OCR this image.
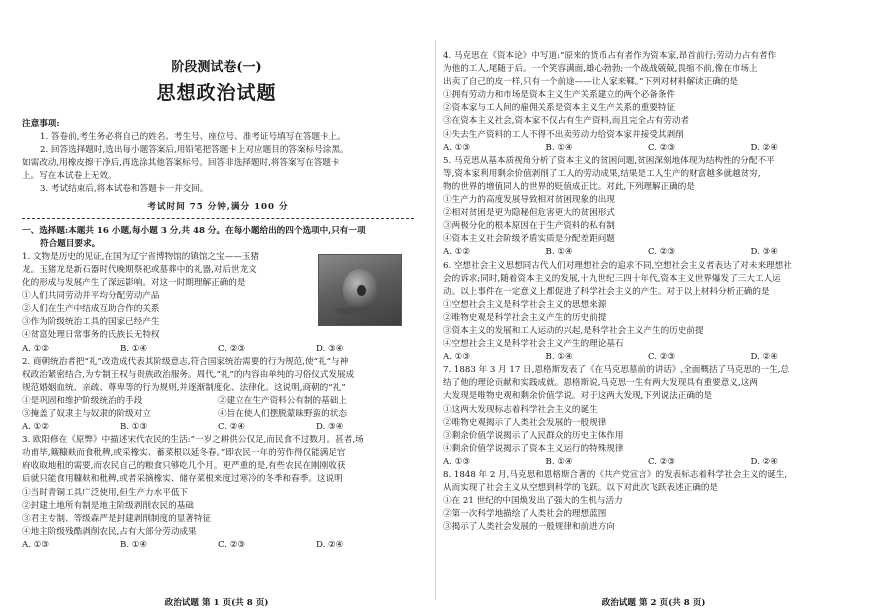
阶段测试卷(一)
思想政治试题

注意事项:

1. 答卷前,考生务必将自己的姓名、考生号、座位号、准考证号填写在答题卡上。

2. 回答选择题时,选出每小题答案后,用铅笔把答题卡上对应题目的答案标号涂黑。

如需改动,用橡皮擦干净后,再选涂其他答案标号。回答非选择题时,将答案写在答题卡

上。写在本试卷上无效。

3. 考试结束后,将本试卷和答题卡一并交回。

考试时间 75 分钟,满分 100 分

一、选择题:本题共 16 小题,每小题 3 分,共 48 分。在每小题给出的四个选项中,只有一项

符合题目要求。

1. 文物是历史的见证,在国为辽宁省博物馆的镇馆之宝——玉猪

龙。玉猪龙是新石器时代晚期祭祀或墓葬中的礼器,对后世龙文

化的形成与发展产生了深远影响。对这一时期理解正确的是

①人们共同劳动并平均分配劳动产品

②人们在生产中结成互助合作的关系

③作为阶级统治工具的国家已经产生

④贫富处理日常事务的氏族长无特权

A. ①②	B. ①④	C. ②③	D. ③④

2. 商朝统治者把“礼”改造成代表其阶级意志,符合国家统治需要的行为规范,使“礼”与神

权政治紧密结合,为专制王权与贵族政治服务。周代,“礼”的内容由单纯的习俗仪式发展成

规范婚姻血统、亲疏、尊卑等的行为规则,并逐渐制度化、法律化。这说明,商朝的“礼”

①是巩固和维护阶级统治的手段	②建立在生产资料公有制的基础上
③掩盖了奴隶主与奴隶的阶级对立	④旨在使人们摆脱蒙昧野蛮的状态
A. ①②	B. ①③	C. ②④	D. ③④

3. 欧阳修在《原弊》中描述宋代农民的生活:“一岁之耕供公仅足,而民食不过数月。甚者,场

功甫毕,簸糠麸而食秕稗,或采橡实、蓄菜根以延冬春。”即农民一年的劳作得仅能满足官

府收取地租的需要,而农民自己的粮食只够吃几个月。更严重的是,有些农民在刚刚收获

后就只能食用糠麸和秕稗,或者采摘橡实、储存菜根来度过寒冷的冬季和春季。这说明

①当时青铜工具广泛使用,但生产力水平低下

②封建土地所有制是地主阶级剥削农民的基础

③君主专制、等级森严是封建剥削制度的显著特征

④地主阶级残酷剥削农民,占有大部分劳动成果

A. ①③	B. ①④	C. ②③	D. ②④
政治试题 第 1 页(共 8 页)

4. 马克思在《资本论》中写道:“原来的货币占有者作为资本家,昂首前行;劳动力占有者作

为他的工人,尾随于后。一个笑容满面,雄心勃勃;一个战战兢兢,畏缩不前,像在市场上

出卖了自己的皮一样,只有一个前途——让人家来鞣。”下列对材料解读正确的是

①拥有劳动力和市场是资本主义生产关系建立的两个必备条件

②资本家与工人间的雇佣关系是资本主义生产关系的重要特征

③在资本主义社会,资本家不仅占有生产资料,而且完全占有劳动者

④失去生产资料的工人不得不出卖劳动力给资本家并接受其剥削

A. ①③	B. ①④	C. ②③	D. ②④

5. 马克思从基本质视角分析了资本主义的贫困问题,贫困深刻地体现为结构性的分配不平

等,资本家利用剩余价值剥削了工人的劳动成果,结果是工人生产的财富越多就越贫穷,

物的世界的增值同人的世界的贬值成正比。对此,下列理解正确的是

①生产力的高度发展导致相对贫困现象的出现

②相对贫困是更为隐秘但危害更大的贫困形式

③两极分化的根本原因在于生产资料的私有制

④资本主义社会阶级矛盾实质是分配差距问题

A. ①②	B. ①④	C. ②③	D. ③④

6. 空想社会主义思想同古代人们对理想社会的追求不同,空想社会主义者表达了对未来理想社

会的诉求;同时,随着资本主义的发展,十九世纪三四十年代,资本主义世界爆发了三大工人运

动。以上事件在一定意义上都促进了科学社会主义的产生。对于以上材料分析正确的是

①空想社会主义是科学社会主义的思想来源

②唯物史观是科学社会主义产生的历史前提

③资本主义的发展和工人运动的兴起,是科学社会主义产生的历史前提

④空想社会主义是科学社会主义产生的理论基石

A. ①③	B. ①④	C. ②③	D. ②④

7. 1883 年 3 月 17 日,恩格斯发表了《在马克思墓前的讲话》,全面概括了马克思的一生,总

结了他的理论贡献和实践成就。恩格斯说,马克思一生有两大发现具有重要意义,这两

大发现是唯物史观和剩余价值学说。对于这两大发现,下列说法正确的是

①这两大发现标志着科学社会主义的诞生

②唯物史观揭示了人类社会发展的一般规律

③剩余价值学说揭示了人民群众的历史主体作用

④剩余价值学说揭示了资本主义运行的特殊规律

A. ①③	B. ①④	C. ②③	D. ②④

8. 1848 年 2 月,马克思和恩格斯合著的《共产党宣言》的发表标志着科学社会主义的诞生,

从而实现了社会主义从空想到科学的飞跃。以下对此次飞跃表述正确的是

①在 21 世纪的中国焕发出了强大的生机与活力

②第一次科学地描绘了人类社会的理想蓝图

③揭示了人类社会发展的一般规律和前进方向

政治试题 第 2 页(共 8 页)
